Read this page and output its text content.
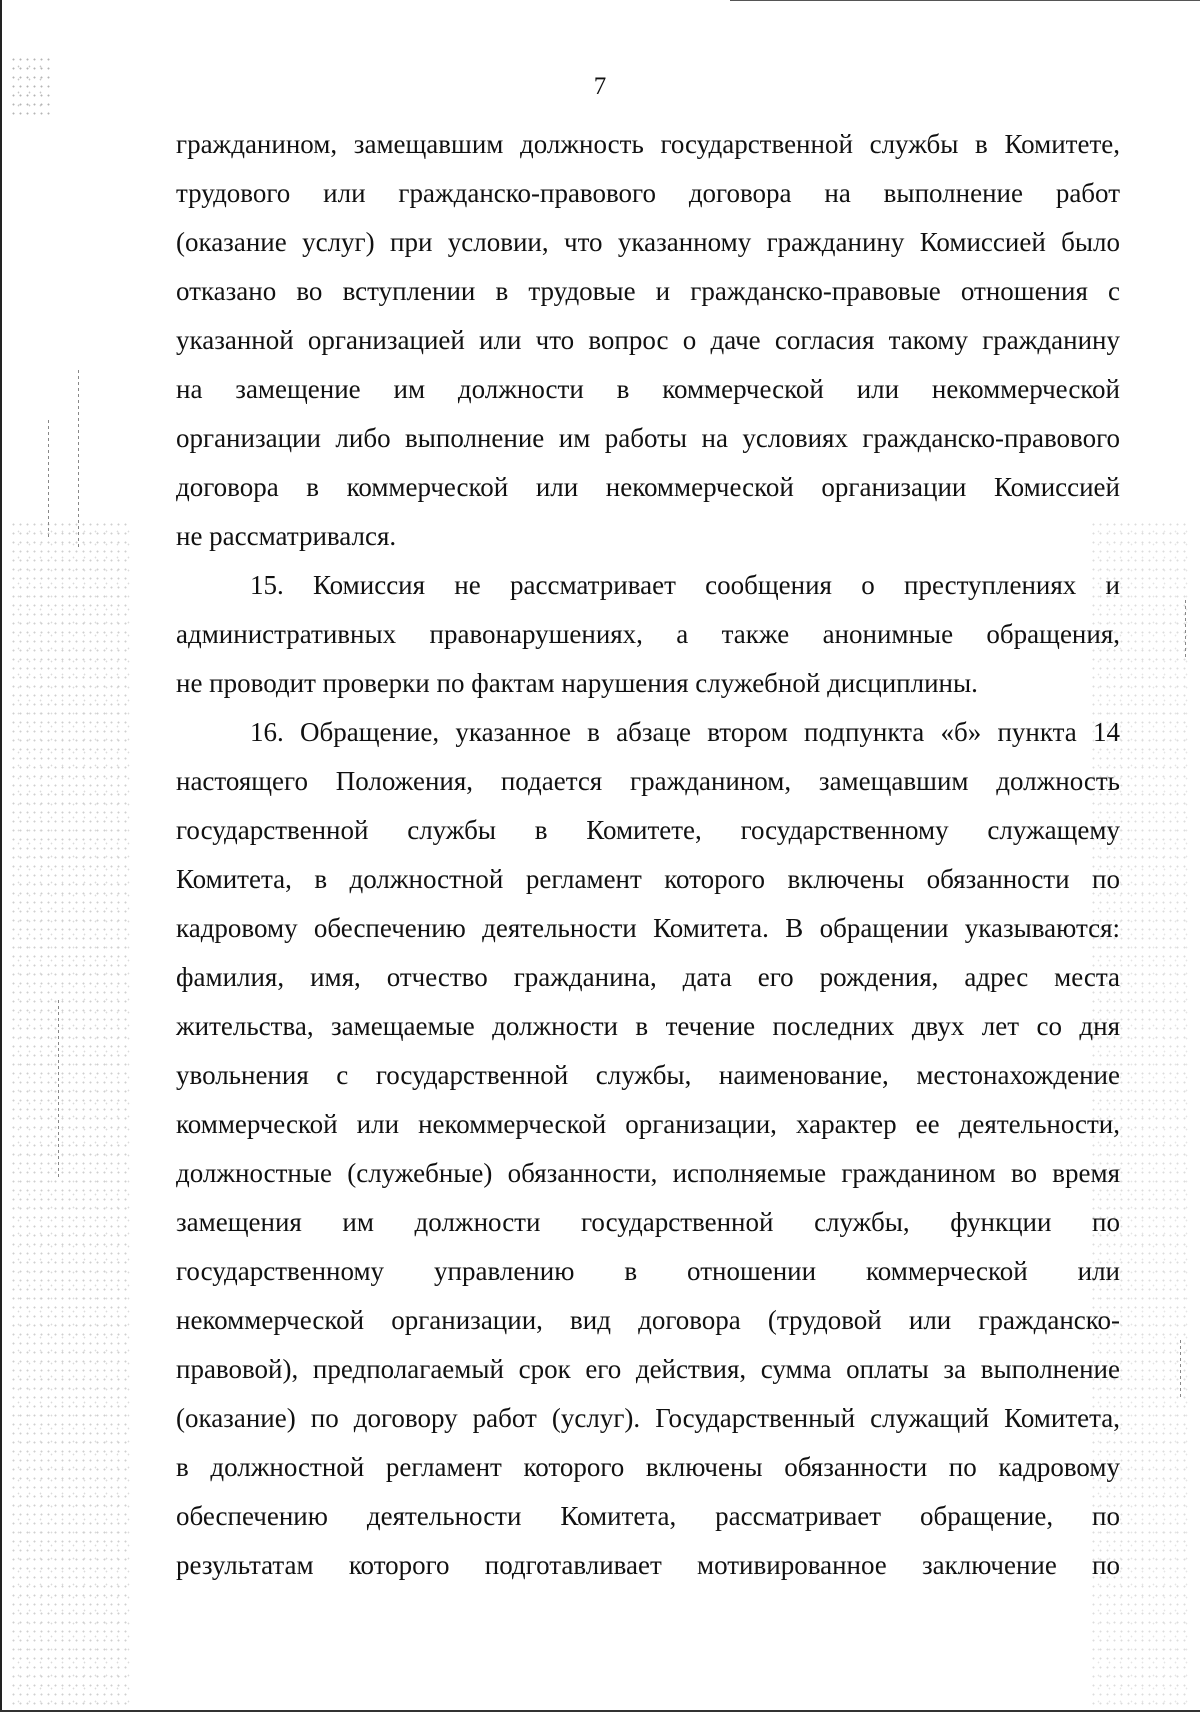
7
гражданином, замещавшим должность государственной службы в Комитете,
трудового или гражданско-правового договора на выполнение работ
(оказание услуг) при условии, что указанному гражданину Комиссией было
отказано во вступлении в трудовые и гражданско-правовые отношения с
указанной организацией или что вопрос о даче согласия такому гражданину
на замещение им должности в коммерческой или некоммерческой
организации либо выполнение им работы на условиях гражданско-правового
договора в коммерческой или некоммерческой организации Комиссией
не рассматривался.
15. Комиссия не рассматривает сообщения о преступлениях и
административных правонарушениях, а также анонимные обращения,
не проводит проверки по фактам нарушения служебной дисциплины.
16. Обращение, указанное в абзаце втором подпункта «б» пункта 14
настоящего Положения, подается гражданином, замещавшим должность
государственной службы в Комитете, государственному служащему
Комитета, в должностной регламент которого включены обязанности по
кадровому обеспечению деятельности Комитета. В обращении указываются:
фамилия, имя, отчество гражданина, дата его рождения, адрес места
жительства, замещаемые должности в течение последних двух лет со дня
увольнения с государственной службы, наименование, местонахождение
коммерческой или некоммерческой организации, характер ее деятельности,
должностные (служебные) обязанности, исполняемые гражданином во время
замещения им должности государственной службы, функции по
государственному управлению в отношении коммерческой или
некоммерческой организации, вид договора (трудовой или гражданско-
правовой), предполагаемый срок его действия, сумма оплаты за выполнение
(оказание) по договору работ (услуг). Государственный служащий Комитета,
в должностной регламент которого включены обязанности по кадровому
обеспечению деятельности Комитета, рассматривает обращение, по
результатам которого подготавливает мотивированное заключение по
